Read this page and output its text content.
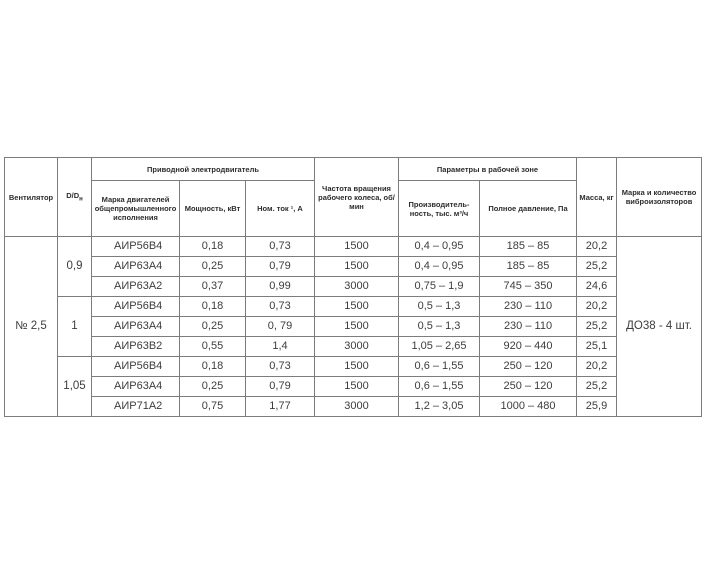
Вентилятор	$D/D_н$	Приводной электродвигатель			Частота вращения рабочего колеса, об/мин	Параметры в рабочей зоне		Масса, кг	Марка и количество виброизоляторов
		Марка двигателей общепромышленного исполнения	Мощность, кВт	Ном. ток ¹, А		Производитель-ность, тыс. м³/ч	Полное давление, Па		
№ 2,5	0,9	АИР56В4	0,18	0,73	1500	0,4 – 0,95	185 – 85	20,2	ДО38 - 4 шт.
		АИР63А4	0,25	0,79	1500	0,4 – 0,95	185 – 85	25,2	
		АИР63А2	0,37	0,99	3000	0,75 – 1,9	745 – 350	24,6	
	1	АИР56В4	0,18	0,73	1500	0,5 – 1,3	230 – 110	20,2	
		АИР63А4	0,25	0, 79	1500	0,5 – 1,3	230 – 110	25,2	
		АИР63В2	0,55	1,4	3000	1,05 – 2,65	920 – 440	25,1	
	1,05	АИР56В4	0,18	0,73	1500	0,6 – 1,55	250 – 120	20,2	
		АИР63А4	0,25	0,79	1500	0,6 – 1,55	250 – 120	25,2	
		АИР71А2	0,75	1,77	3000	1,2 – 3,05	1000 – 480	25,9	
